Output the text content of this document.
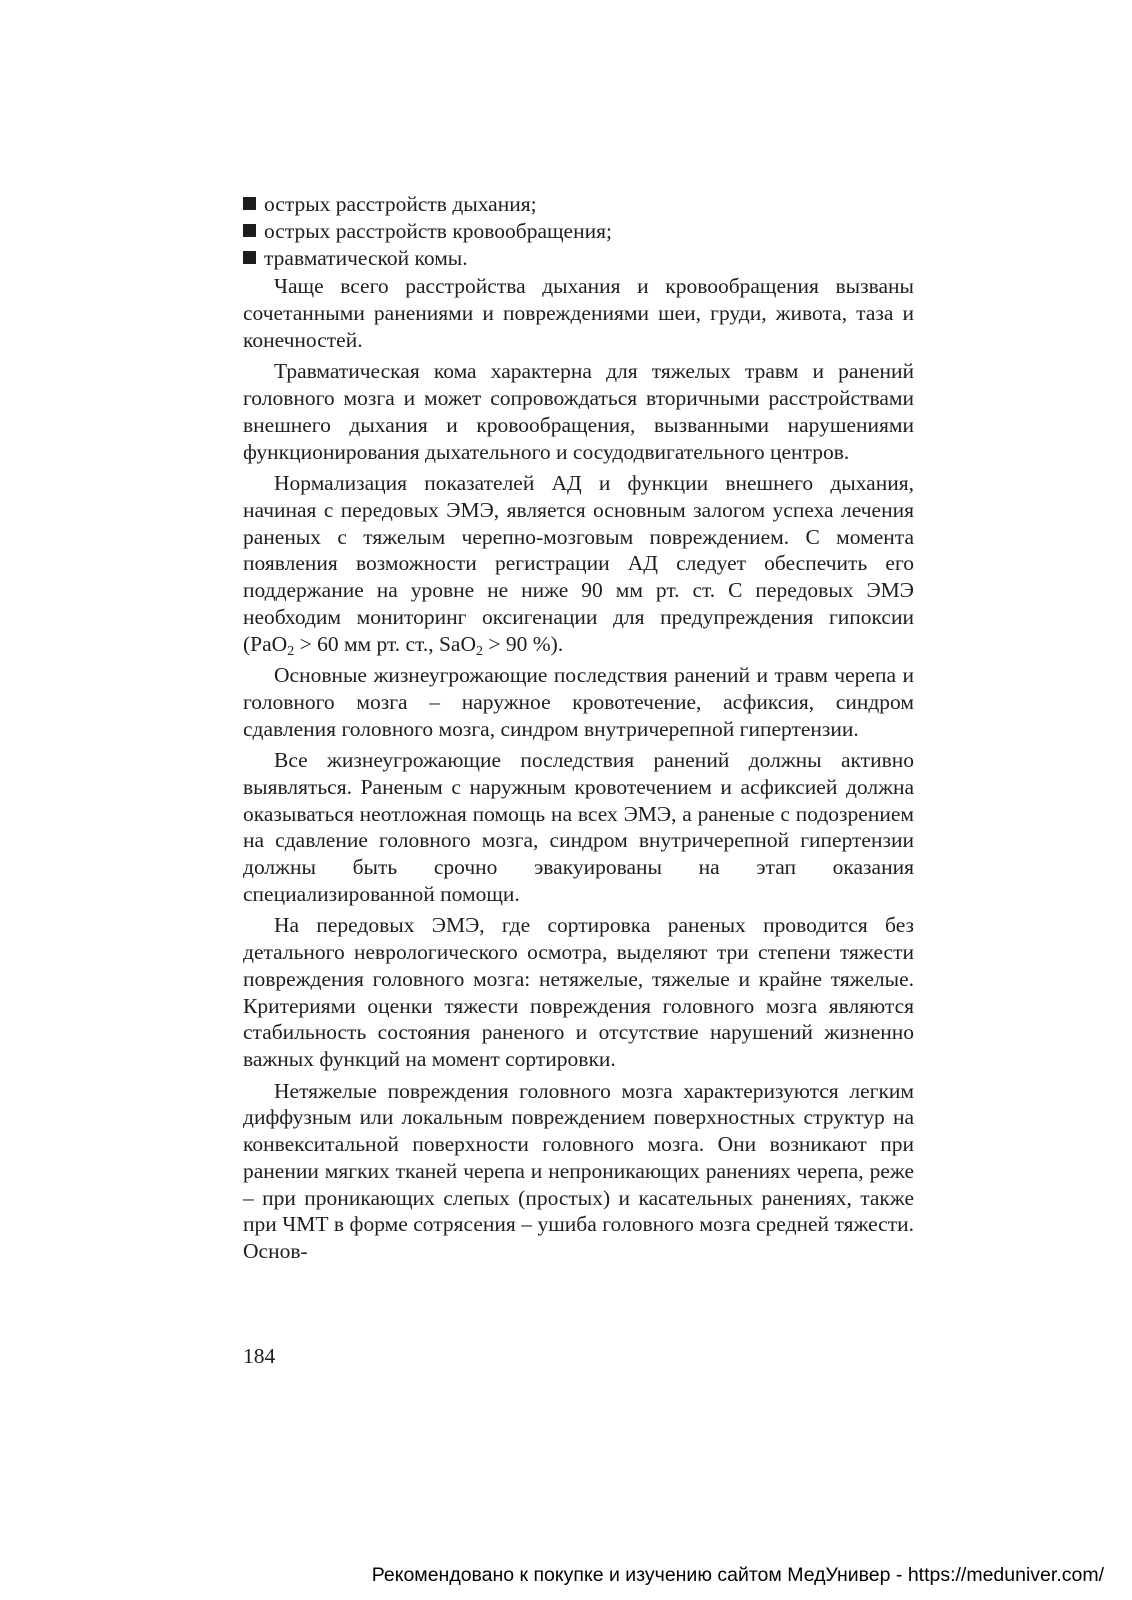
острых расстройств дыхания;
острых расстройств кровообращения;
травматической комы.

Чаще всего расстройства дыхания и кровообращения вызваны сочетанными ранениями и повреждениями шеи, груди, живота, таза и конечностей.

Травматическая кома характерна для тяжелых травм и ранений головного мозга и может сопровождаться вторичными расстройствами внешнего дыхания и кровообращения, вызванными нарушениями функционирования дыхательного и сосудодвигательного центров.

Нормализация показателей АД и функции внешнего дыхания, начиная с передовых ЭМЭ, является основным залогом успеха лечения раненых с тяжелым черепно-мозговым повреждением. С момента появления возможности регистрации АД следует обеспечить его поддержание на уровне не ниже 90 мм рт. ст. С передовых ЭМЭ необходим мониторинг оксигенации для предупреждения гипоксии (PaO$_2$ > 60 мм рт. ст., SaO$_2$ > 90 %).

Основные жизнеугрожающие последствия ранений и травм черепа и головного мозга – наружное кровотечение, асфиксия, синдром сдавления головного мозга, синдром внутричерепной гипертензии.

Все жизнеугрожающие последствия ранений должны активно выявляться. Раненым с наружным кровотечением и асфиксией должна оказываться неотложная помощь на всех ЭМЭ, а раненые с подозрением на сдавление головного мозга, синдром внутричерепной гипертензии должны быть срочно эвакуированы на этап оказания специализированной помощи.

На передовых ЭМЭ, где сортировка раненых проводится без детального неврологического осмотра, выделяют три степени тяжести повреждения головного мозга: нетяжелые, тяжелые и крайне тяжелые. Критериями оценки тяжести повреждения головного мозга являются стабильность состояния раненого и отсутствие нарушений жизненно важных функций на момент сортировки.

Нетяжелые повреждения головного мозга характеризуются легким диффузным или локальным повреждением поверхностных структур на конвекситальной поверхности головного мозга. Они возникают при ранении мягких тканей черепа и непроникающих ранениях черепа, реже – при проникающих слепых (простых) и касательных ранениях, также при ЧМТ в форме сотрясения – ушиба головного мозга средней тяжести. Основ-

184
Рекомендовано к покупке и изучению сайтом МедУнивер - https://meduniver.com/
